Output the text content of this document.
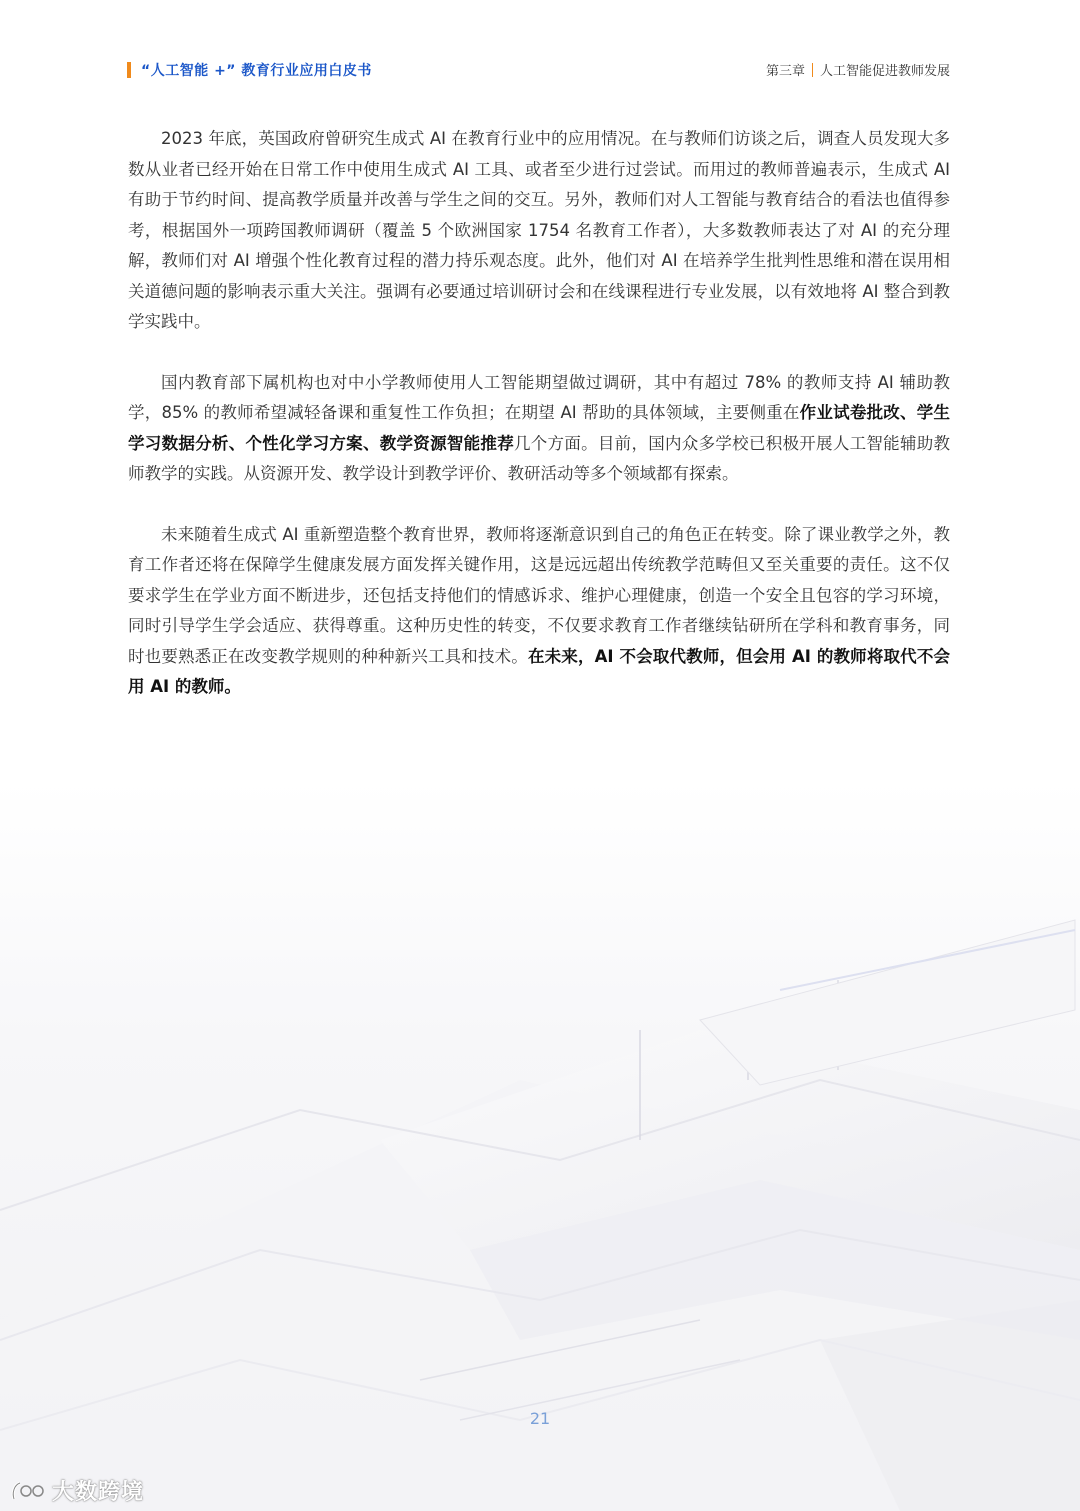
“人工智能 +” 教育行业应用白皮书	第三章 人工智能促进教师发展

2023 年底，英国政府曾研究生成式 AI 在教育行业中的应用情况。在与教师们访谈之后，调查人员发现大多数从业者已经开始在日常工作中使用生成式 AI 工具、或者至少进行过尝试。而用过的教师普遍表示，生成式 AI 有助于节约时间、提高教学质量并改善与学生之间的交互。另外，教师们对人工智能与教育结合的看法也值得参考，根据国外一项跨国教师调研（覆盖 5 个欧洲国家 1754 名教育工作者），大多数教师表达了对 AI 的充分理解，教师们对 AI 增强个性化教育过程的潜力持乐观态度。此外，他们对 AI 在培养学生批判性思维和潜在误用相关道德问题的影响表示重大关注。强调有必要通过培训研讨会和在线课程进行专业发展，以有效地将 AI 整合到教学实践中。

国内教育部下属机构也对中小学教师使用人工智能期望做过调研，其中有超过 78% 的教师支持 AI 辅助教学，85% 的教师希望减轻备课和重复性工作负担；在期望 AI 帮助的具体领域，主要侧重在作业试卷批改、学生学习数据分析、个性化学习方案、教学资源智能推荐几个方面。目前，国内众多学校已积极开展人工智能辅助教师教学的实践。从资源开发、教学设计到教学评价、教研活动等多个领域都有探索。

未来随着生成式 AI 重新塑造整个教育世界，教师将逐渐意识到自己的角色正在转变。除了课业教学之外，教育工作者还将在保障学生健康发展方面发挥关键作用，这是远远超出传统教学范畴但又至关重要的责任。这不仅要求学生在学业方面不断进步，还包括支持他们的情感诉求、维护心理健康，创造一个安全且包容的学习环境，同时引导学生学会适应、获得尊重。这种历史性的转变，不仅要求教育工作者继续钻研所在学科和教育事务，同时也要熟悉正在改变教学规则的种种新兴工具和技术。在未来，AI 不会取代教师，但会用 AI 的教师将取代不会用 AI 的教师。

21
大数跨境
